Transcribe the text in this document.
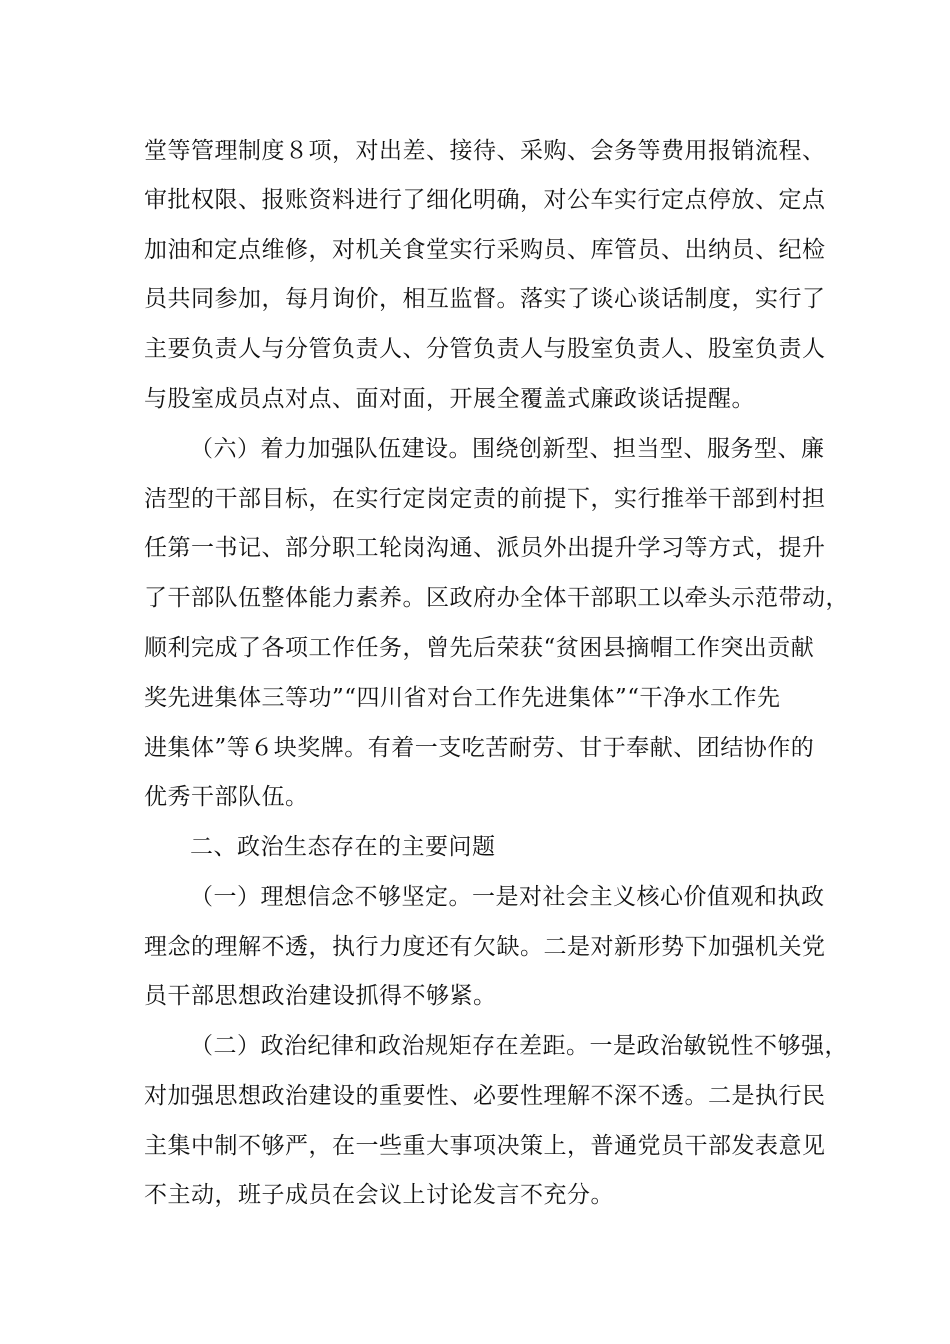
堂等管理制度８项，对出差、接待、采购、会务等费用报销流程、
审批权限、报账资料进行了细化明确，对公车实行定点停放、定点
加油和定点维修，对机关食堂实行采购员、库管员、出纳员、纪检
员共同参加，每月询价，相互监督。落实了谈心谈话制度，实行了
主要负责人与分管负责人、分管负责人与股室负责人、股室负责人
与股室成员点对点、面对面，开展全覆盖式廉政谈话提醒。
（六）着力加强队伍建设。围绕创新型、担当型、服务型、廉
洁型的干部目标，在实行定岗定责的前提下，实行推举干部到村担
任第一书记、部分职工轮岗沟通、派员外出提升学习等方式，提升
了干部队伍整体能力素养。区政府办全体干部职工以牵头示范带动，
顺利完成了各项工作任务，曾先后荣获“贫困县摘帽工作突出贡献
奖先进集体三等功”“四川省对台工作先进集体”“干净水工作先
进集体”等６块奖牌。有着一支吃苦耐劳、甘于奉献、团结协作的
优秀干部队伍。
二、政治生态存在的主要问题
（一）理想信念不够坚定。一是对社会主义核心价值观和执政
理念的理解不透，执行力度还有欠缺。二是对新形势下加强机关党
员干部思想政治建设抓得不够紧。
（二）政治纪律和政治规矩存在差距。一是政治敏锐性不够强，
对加强思想政治建设的重要性、必要性理解不深不透。二是执行民
主集中制不够严，在一些重大事项决策上，普通党员干部发表意见
不主动，班子成员在会议上讨论发言不充分。
